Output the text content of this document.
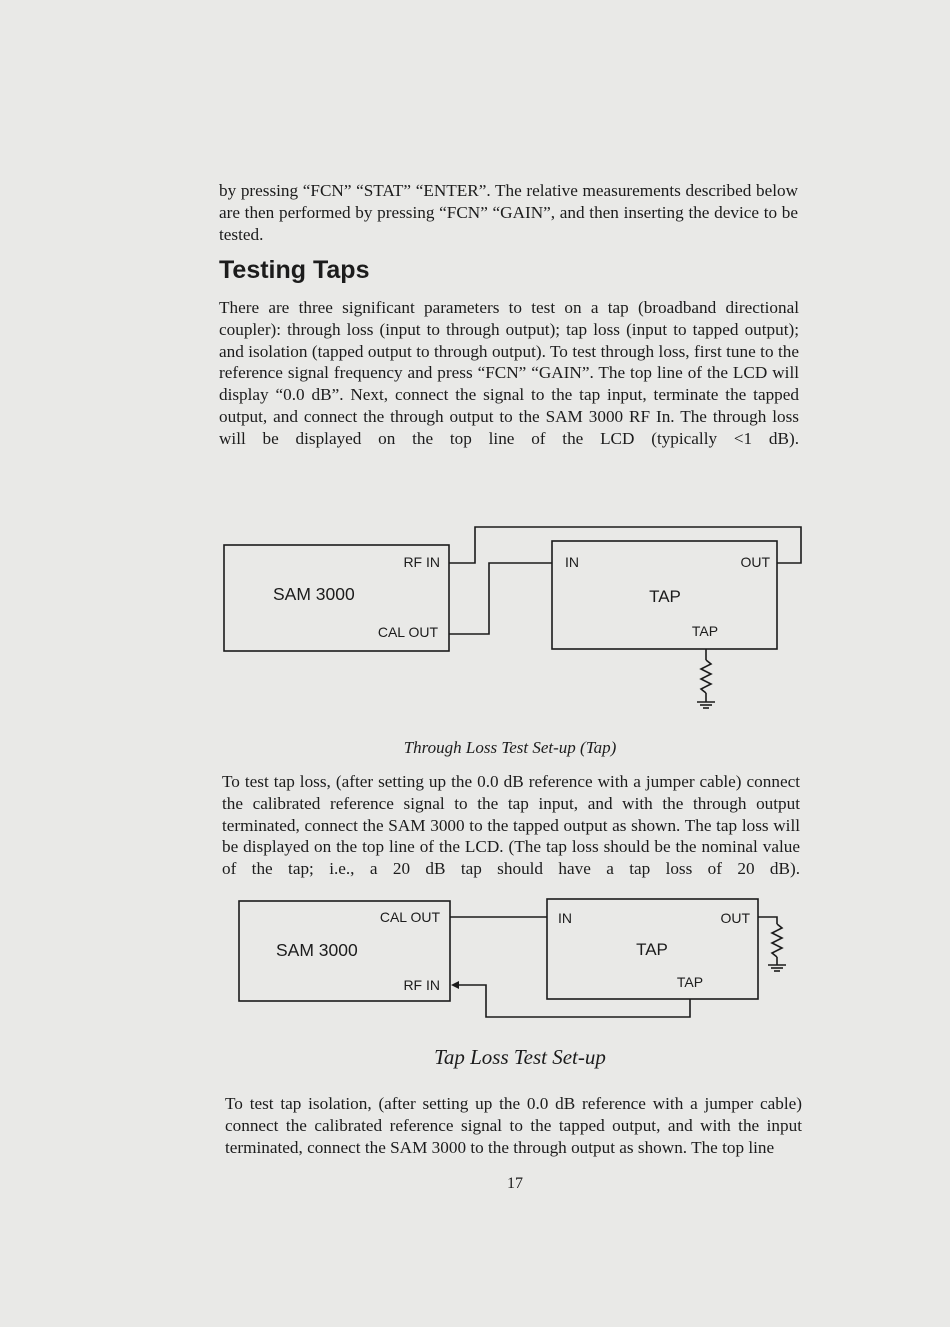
by pressing “FCN” “STAT” “ENTER”. The relative measurements described below are then performed by pressing “FCN” “GAIN”, and then inserting the device to be tested.

Testing Taps

There are three significant parameters to test on a tap (broadband directional coupler): through loss (input to through output); tap loss (input to tapped output); and isolation (tapped output to through output). To test through loss, first tune to the reference signal frequency and press “FCN” “GAIN”. The top line of the LCD will display “0.0 dB”. Next, connect the signal to the tap input, terminate the tapped output, and connect the through output to the SAM 3000 RF In. The through loss will be displayed on the top line of the LCD (typically <1 dB).

SAM 3000
RF IN
CAL OUT
IN	OUT
TAP
TAP

Through Loss Test Set-up (Tap)

To test tap loss, (after setting up the 0.0 dB reference with a jumper cable) connect the calibrated reference signal to the tap input, and with the through output terminated, connect the SAM 3000 to the tapped output as shown. The tap loss will be displayed on the top line of the LCD. (The tap loss should be the nominal value of the tap; i.e., a 20 dB tap should have a tap loss of 20 dB).

SAM 3000
CAL OUT
RF IN
IN	OUT
TAP
TAP

Tap Loss Test Set-up

To test tap isolation, (after setting up the 0.0 dB reference with a jumper cable) connect the calibrated reference signal to the tapped output, and with the input terminated, connect the SAM 3000 to the through output as shown. The top line

17
